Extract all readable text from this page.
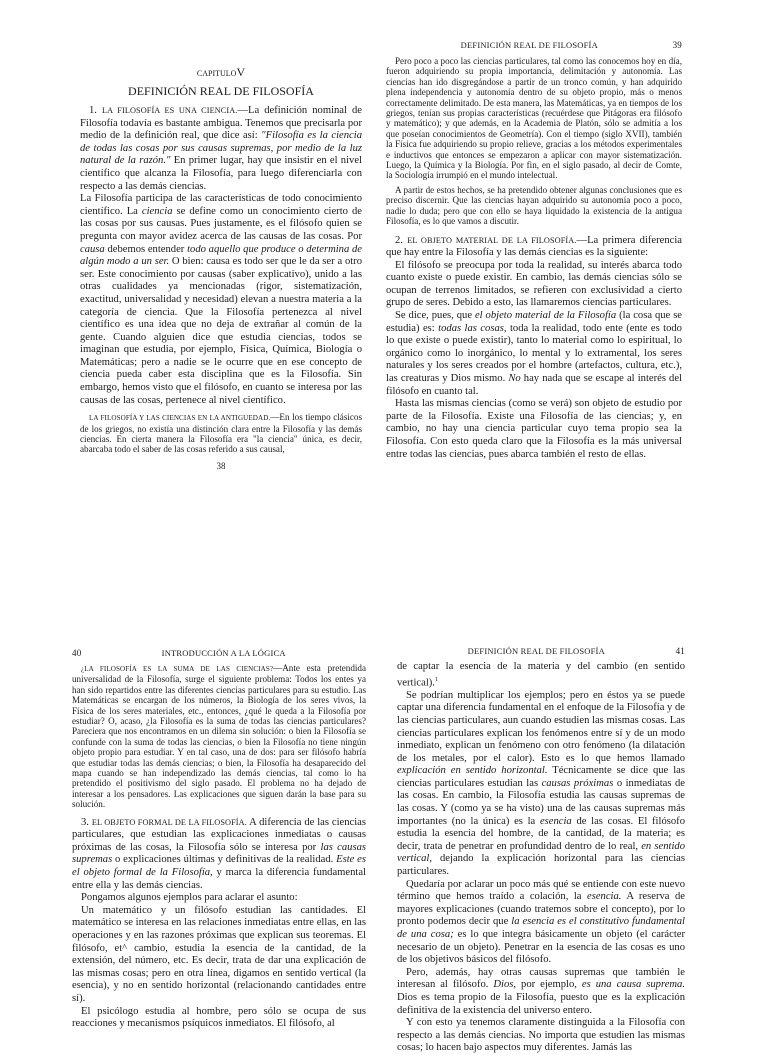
CAPITULOV
DEFINICIÓN REAL DE FILOSOFÍA

1. LA FILOSOFÍA ES UNA CIENCIA.—La definición nominal de Filosofía todavía es bastante ambigua. Tenemos que precisarla por medio de la definición real, que dice así: "Filosofía es la ciencia de todas las cosas por sus causas supremas, por medio de la luz natural de la razón." En primer lugar, hay que insistir en el nivel científico que alcanza la Filosofía, para luego diferenciarla con respecto a las demás ciencias.

La Filosofía participa de las características de todo conocimiento científico. La ciencia se define como un conocimiento cierto de las cosas por sus causas. Pues justamente, es el filósofo quien se pregunta con mayor avidez acerca de las causas de las cosas. Por causa debemos entender todo aquello que produce o determina de algún modo a un ser. O bien: causa es todo ser que le da ser a otro ser. Este conocimiento por causas (saber explicativo), unido a las otras cualidades ya mencionadas (rigor, sistematización, exactitud, universalidad y necesidad) elevan a nuestra materia a la categoría de ciencia. Que la Filosofía pertenezca al nivel científico es una idea que no deja de extrañar al común de la gente. Cuando alguien dice que estudia ciencias, todos se imaginan que estudia, por ejemplo, Física, Química, Biología o Matemáticas; pero a nadie se le ocurre que en ese concepto de ciencia pueda caber esta disciplina que es la Filosofía. Sin embargo, hemos visto que el filósofo, en cuanto se interesa por las causas de las cosas, pertenece al nivel científico.

LA FILOSOFÍA Y LAS CIENCIAS EN LA ANTIGUEDAD.—En los tiempo clásicos de los griegos, no existía una distinción clara entre la Filosofía y las demás ciencias. En cierta manera la Filosofía era "la ciencia" única, es decir, abarcaba todo el saber de las cosas referido a sus causal,

38
DEFINICIÓN REAL DE FILOSOFÍA	39

Pero poco a poco las ciencias particulares, tal como las conocemos hoy en día, fueron adquiriendo su propia importancia, delimitación y autonomía. Las ciencias han ido disgregándose a partir de un tronco común, y han adquirido plena independencia y autonomía dentro de su objeto propio, más o menos correctamente delimitado. De esta manera, las Matemáticas, ya en tiempos de los griegos, tenían sus propias características (recuérdese que Pitágoras era filósofo y matemático); y que además, en la Academia de Platón, sólo se admitía a los que poseían conocimientos de Geometría). Con el tiempo (siglo XVII), también la Física fue adquiriendo su propio relieve, gracias a los métodos experimentales e inductivos que entonces se empezaron a aplicar con mayor sistematización. Luego, la Química y la Biología. Por fin, en el siglo pasado, al decir de Comte, la Sociología irrumpió en el mundo intelectual.

A partir de estos hechos, se ha pretendido obtener algunas conclusiones que es preciso discernir. Que las ciencias hayan adquirido su autonomía poco a poco, nadie lo duda; pero que con ello se haya liquidado la existencia de la antigua Filosofía, es lo que vamos a discutir.

2. EL OBJETO MATERIAL DE LA FILOSOFÍA.—La primera diferencia que hay entre la Filosofía y las demás ciencias es la siguiente:

El filósofo se preocupa por toda la realidad, su interés abarca todo cuanto existe o puede existir. En cambio, las demás ciencias sólo se ocupan de terrenos limitados, se refieren con exclusividad a cierto grupo de seres. Debido a esto, las llamaremos ciencias particulares.

Se dice, pues, que el objeto material de la Filosofía (la cosa que se estudia) es: todas las cosas, toda la realidad, todo ente (ente es todo lo que existe o puede existir), tanto lo material como lo espiritual, lo orgánico como lo inorgánico, lo mental y lo extramental, los seres naturales y los seres creados por el hombre (artefactos, cultura, etc.), las creaturas y Dios mismo. No hay nada que se escape al interés del filósofo en cuanto tal.

Hasta las mismas ciencias (como se verá) son objeto de estudio por parte de la Filosofía. Existe una Filosofía de las ciencias; y, en cambio, no hay una ciencia particular cuyo tema propio sea la Filosofía. Con esto queda claro que la Filosofía es la más universal entre todas las ciencias, pues abarca también el resto de ellas.

40	INTRODUCCIÓN A LA LÓGICA

¿LA FILOSOFÍA ES LA SUMA DE LAS CIENCIAS?—Ante esta pretendida universalidad de la Filosofía, surge el siguiente problema: Todos los entes ya han sido repartidos entre las diferentes ciencias particulares para su estudio. Las Matemáticas se encargan de los números, la Biología de los seres vivos, la Física de los seres materiales, etc., entonces, ¿qué le queda a la Filosofía por estudiar? O, acaso, ¿la Filosofía es la suma de todas las ciencias particulares? Pareciera que nos encontramos en un dilema sin solución: o bien la Filosofía se confunde con la suma de todas las ciencias, o bien la Filosofía no tiene ningún objeto propio para estudiar. Y en tal caso, una de dos: para ser filósofo habría que estudiar todas las demás ciencias; o bien, la Filosofía ha desaparecido del mapa cuando se han independizado las demás ciencias, tal como lo ha pretendido el positivismo del siglo pasado. El problema no ha dejado de interesar a los pensadores. Las explicaciones que siguen darán la base para su solución.

3. EL OBJETO FORMAL DE LA FILOSOFÍA. A diferencia de las ciencias particulares, que estudian las explicaciones inmediatas o causas próximas de las cosas, la Filosofía sólo se interesa por las causas supremas o explicaciones últimas y definitivas de la realidad. Este es el objeto formal de la Filosofía, y marca la diferencia fundamental entre ella y las demás ciencias.

Pongamos algunos ejemplos para aclarar el asunto:

Un matemático y un filósofo estudian las cantidades. El matemático se interesa en las relaciones inmediatas entre ellas, en las operaciones y en las razones próximas que explican sus teoremas. El filósofo, et^ cambio, estudia la esencia de la cantidad, de la extensión, del número, etc. Es decir, trata de dar una explicación de las mismas cosas; pero en otra línea, digamos en sentido vertical (la esencia), y no en sentido horizontal (relacionando cantidades entre sí).

El psicólogo estudia al hombre, pero sólo se ocupa de sus reacciones y mecanismos psíquicos inmediatos. El filósofo, al

DEFINICIÓN REAL DE FILOSOFÍA	41

de captar la esencia de la materia y del cambio (en sentido vertical).$^1$

Se podrían multiplicar los ejemplos; pero en éstos ya se puede captar una diferencia fundamental en el enfoque de la Filosofía y de las ciencias particulares, aun cuando estudien las mismas cosas. Las ciencias particulares explican los fenómenos entre sí y de un modo inmediato, explican un fenómeno con otro fenómeno (la dilatación de los metales, por el calor). Esto es lo que hemos llamado explicación en sentido horizontal. Técnicamente se dice que las ciencias particulares estudian las causas próximas o inmediatas de las cosas. En cambio, la Filosofía estudia las causas supremas de las cosas. Y (como ya se ha visto) una de las causas supremas más importantes (no la única) es la esencia de las cosas. El filósofo estudia la esencia del hombre, de la cantidad, de la materia; es decir, trata de penetrar en profundidad dentro de lo real, en sentido vertical, dejando la explicación horizontal para las ciencias particulares.

Quedaría por aclarar un poco más qué se entiende con este nuevo término que hemos traído a colación, la esencia. A reserva de mayores explicaciones (cuando tratemos sobre el concepto), por lo pronto podemos decir que la esencia es el constitutivo fundamental de una cosa; es lo que integra básicamente un objeto (el carácter necesario de un objeto). Penetrar en la esencia de las cosas es uno de los objetivos básicos del filósofo.

Pero, además, hay otras causas supremas que también le interesan al filósofo. Dios, por ejemplo, es una causa suprema. Dios es tema propio de la Filosofía, puesto que es la explicación definitiva de la existencia del universo entero.

Y con esto ya tenemos claramente distinguida a la Filosofía con respecto a las demás ciencias. No importa que estudien las mismas cosas; lo hacen bajo aspectos muy diferentes. Jamás las
